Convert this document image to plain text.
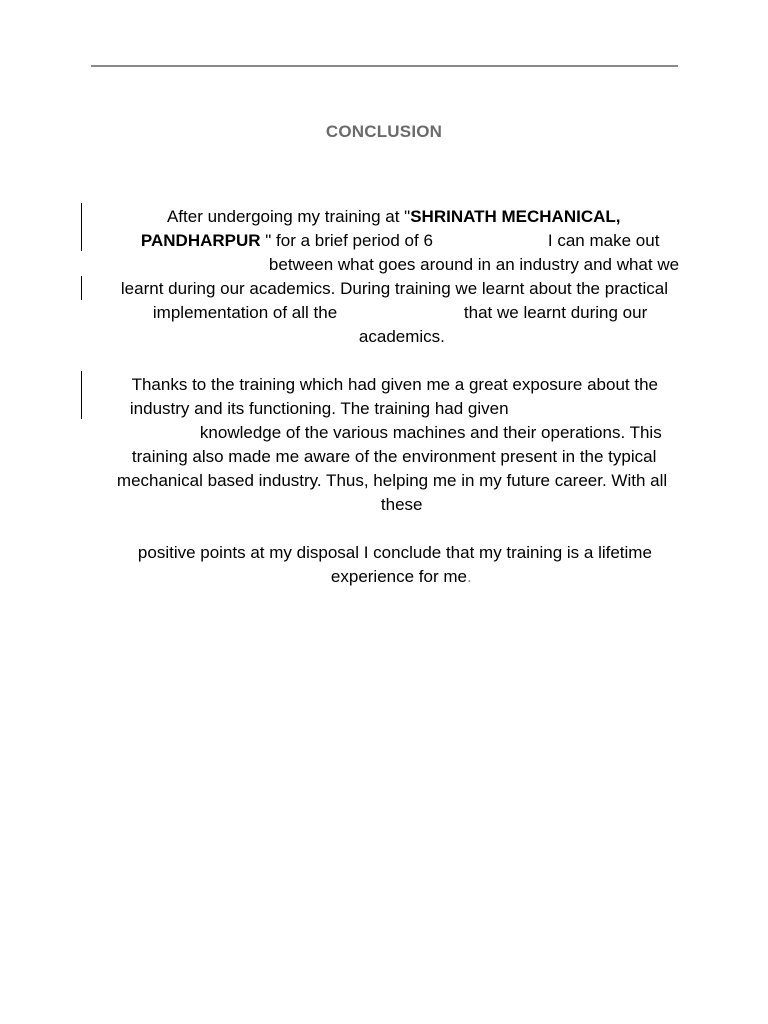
CONCLUSION

After undergoing my training at "SHRINATH MECHANICAL,

PANDHARPUR " for a brief period of 6
	I can make out

between what goes around in an industry and what we

learnt during our academics. During training we learnt about the practical

implementation of all the
	that we learnt during our

academics.

Thanks to the training which had given me a great exposure about the

industry and its functioning. The training had given

knowledge of the various machines and their operations. This

training also made me aware of the environment present in the typical

mechanical based industry. Thus, helping me in my future career. With all

these

positive points at my disposal I conclude that my training is a lifetime

experience for me.
